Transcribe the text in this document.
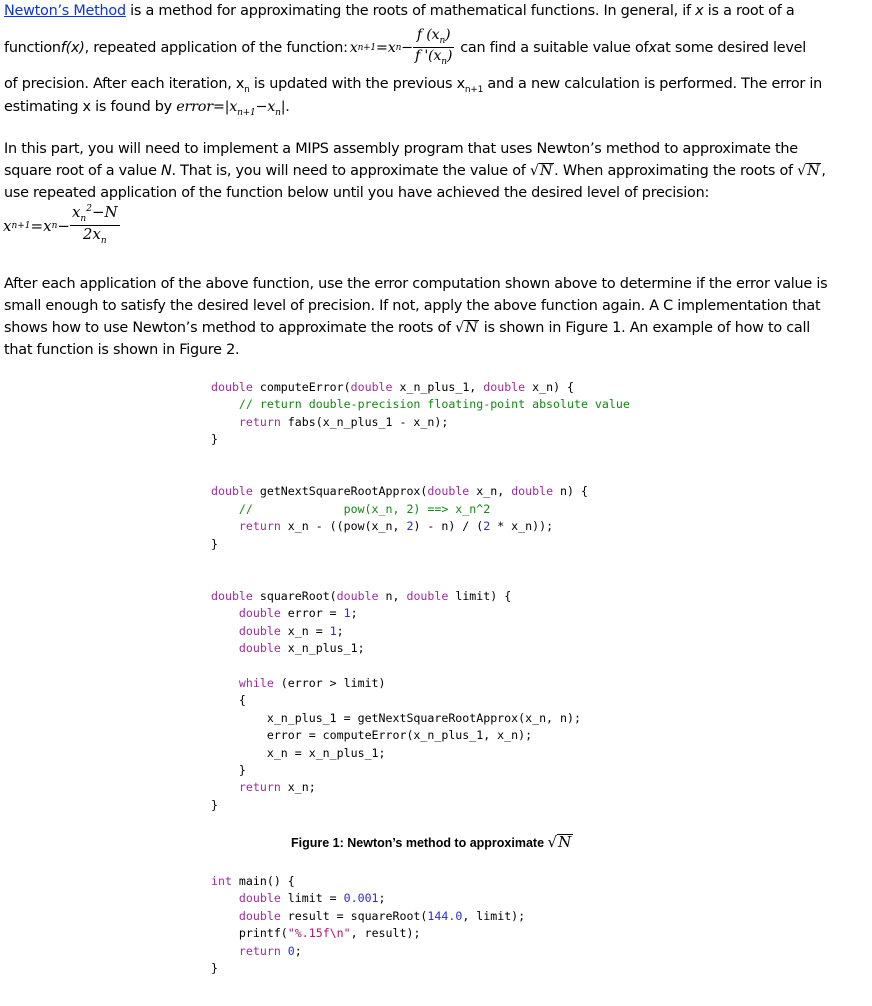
Newton’s Method is a method for approximating the roots of mathematical functions. In general, if x is a root of a
function f(x) , repeated application of the function: x n+1 =x $n - \frac{f (x_n)}{f '(x_n)}$ can find a suitable value of x at some desired level
of precision. After each iteration, $x_n$ is updated with the previous $x_{n+1}$ and a new calculation is performed. The error in
estimating x is found by $error=|x_{n+1}-x_n|$.
In this part, you will need to implement a MIPS assembly program that uses Newton’s method to approximate the
square root of a value N. That is, you will need to approximate the value of √N . When approximating the roots of √N ,
use repeated application of the function below until you have achieved the desired level of precision:
x n+1 =x $n - \frac{x_n^2-N}{2x_n}$
After each application of the above function, use the error computation shown above to determine if the error value is
small enough to satisfy the desired level of precision. If not, apply the above function again. A C implementation that
shows how to use Newton’s method to approximate the roots of √N is shown in Figure 1. An example of how to call
that function is shown in Figure 2.
double computeError(double x_n_plus_1, double x_n) {
// return double-precision floating-point absolute value
return fabs(x_n_plus_1 - x_n);
}

double getNextSquareRootApprox(double x_n, double n) {
//             pow(x_n, 2) ==> x_n^2
return x_n - ((pow(x_n, 2) - n) / (2 * x_n));
}

double squareRoot(double n, double limit) {
double error = 1;
double x_n = 1;
double x_n_plus_1;

while (error > limit)
{
x_n_plus_1 = getNextSquareRootApprox(x_n, n);
error = computeError(x_n_plus_1, x_n);
x_n = x_n_plus_1;
}
return x_n;
}
Figure 1: Newton’s method to approximate √N
int main() {
double limit = 0.001;
double result = squareRoot(144.0, limit);
printf("%.15f\n", result);
return 0;
}
